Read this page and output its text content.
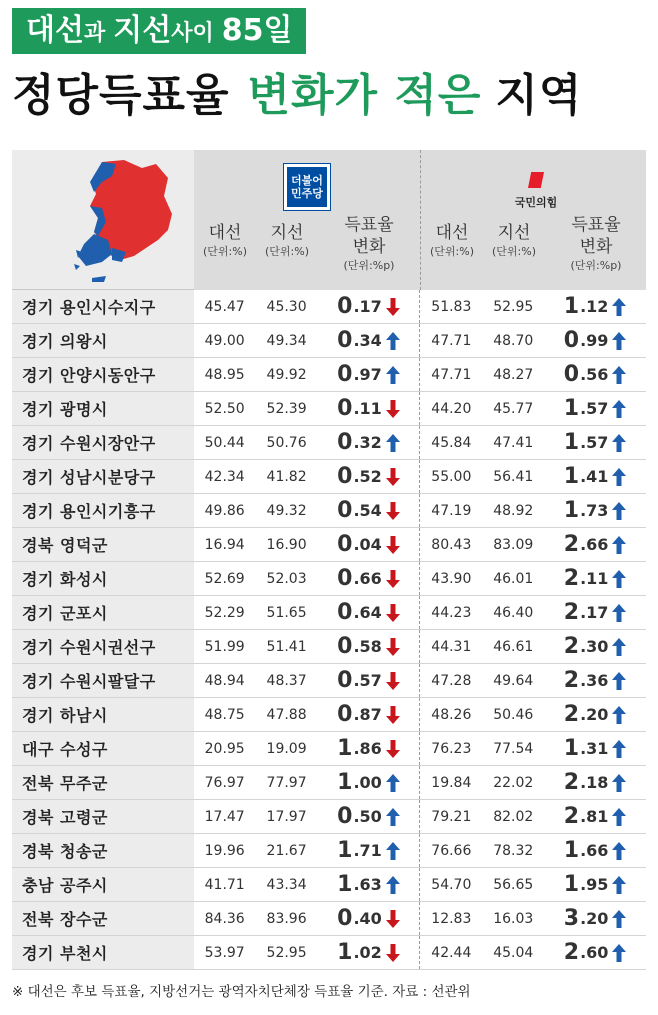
대선 과 지선 사이 85일
정당득표율 변화가 적은 지역
더불어
민주당
대선
(단위:%)
지선
(단위:%)
득표율
변화
(단위:%p)
국민의힘
대선
(단위:%)
지선
(단위:%)
득표율
변화
(단위:%p)
경기 용인시수지구	45.47	45.30	0 .17	51.83	52.95	1 .12
경기 의왕시	49.00	49.34	0 .34	47.71	48.70	0 .99
경기 안양시동안구	48.95	49.92	0 .97	47.71	48.27	0 .56
경기 광명시	52.50	52.39	0 .11	44.20	45.77	1 .57
경기 수원시장안구	50.44	50.76	0 .32	45.84	47.41	1 .57
경기 성남시분당구	42.34	41.82	0 .52	55.00	56.41	1 .41
경기 용인시기흥구	49.86	49.32	0 .54	47.19	48.92	1 .73
경북 영덕군	16.94	16.90	0 .04	80.43	83.09	2 .66
경기 화성시	52.69	52.03	0 .66	43.90	46.01	2 .11
경기 군포시	52.29	51.65	0 .64	44.23	46.40	2 .17
경기 수원시권선구	51.99	51.41	0 .58	44.31	46.61	2 .30
경기 수원시팔달구	48.94	48.37	0 .57	47.28	49.64	2 .36
경기 하남시	48.75	47.88	0 .87	48.26	50.46	2 .20
대구 수성구	20.95	19.09	1 .86	76.23	77.54	1 .31
전북 무주군	76.97	77.97	1 .00	19.84	22.02	2 .18
경북 고령군	17.47	17.97	0 .50	79.21	82.02	2 .81
경북 청송군	19.96	21.67	1 .71	76.66	78.32	1 .66
충남 공주시	41.71	43.34	1 .63	54.70	56.65	1 .95
전북 장수군	84.36	83.96	0 .40	12.83	16.03	3 .20
경기 부천시	53.97	52.95	1 .02	42.44	45.04	2 .60
※ 대선은 후보 득표율, 지방선거는 광역자치단체장 득표율 기준. 자료 : 선관위
